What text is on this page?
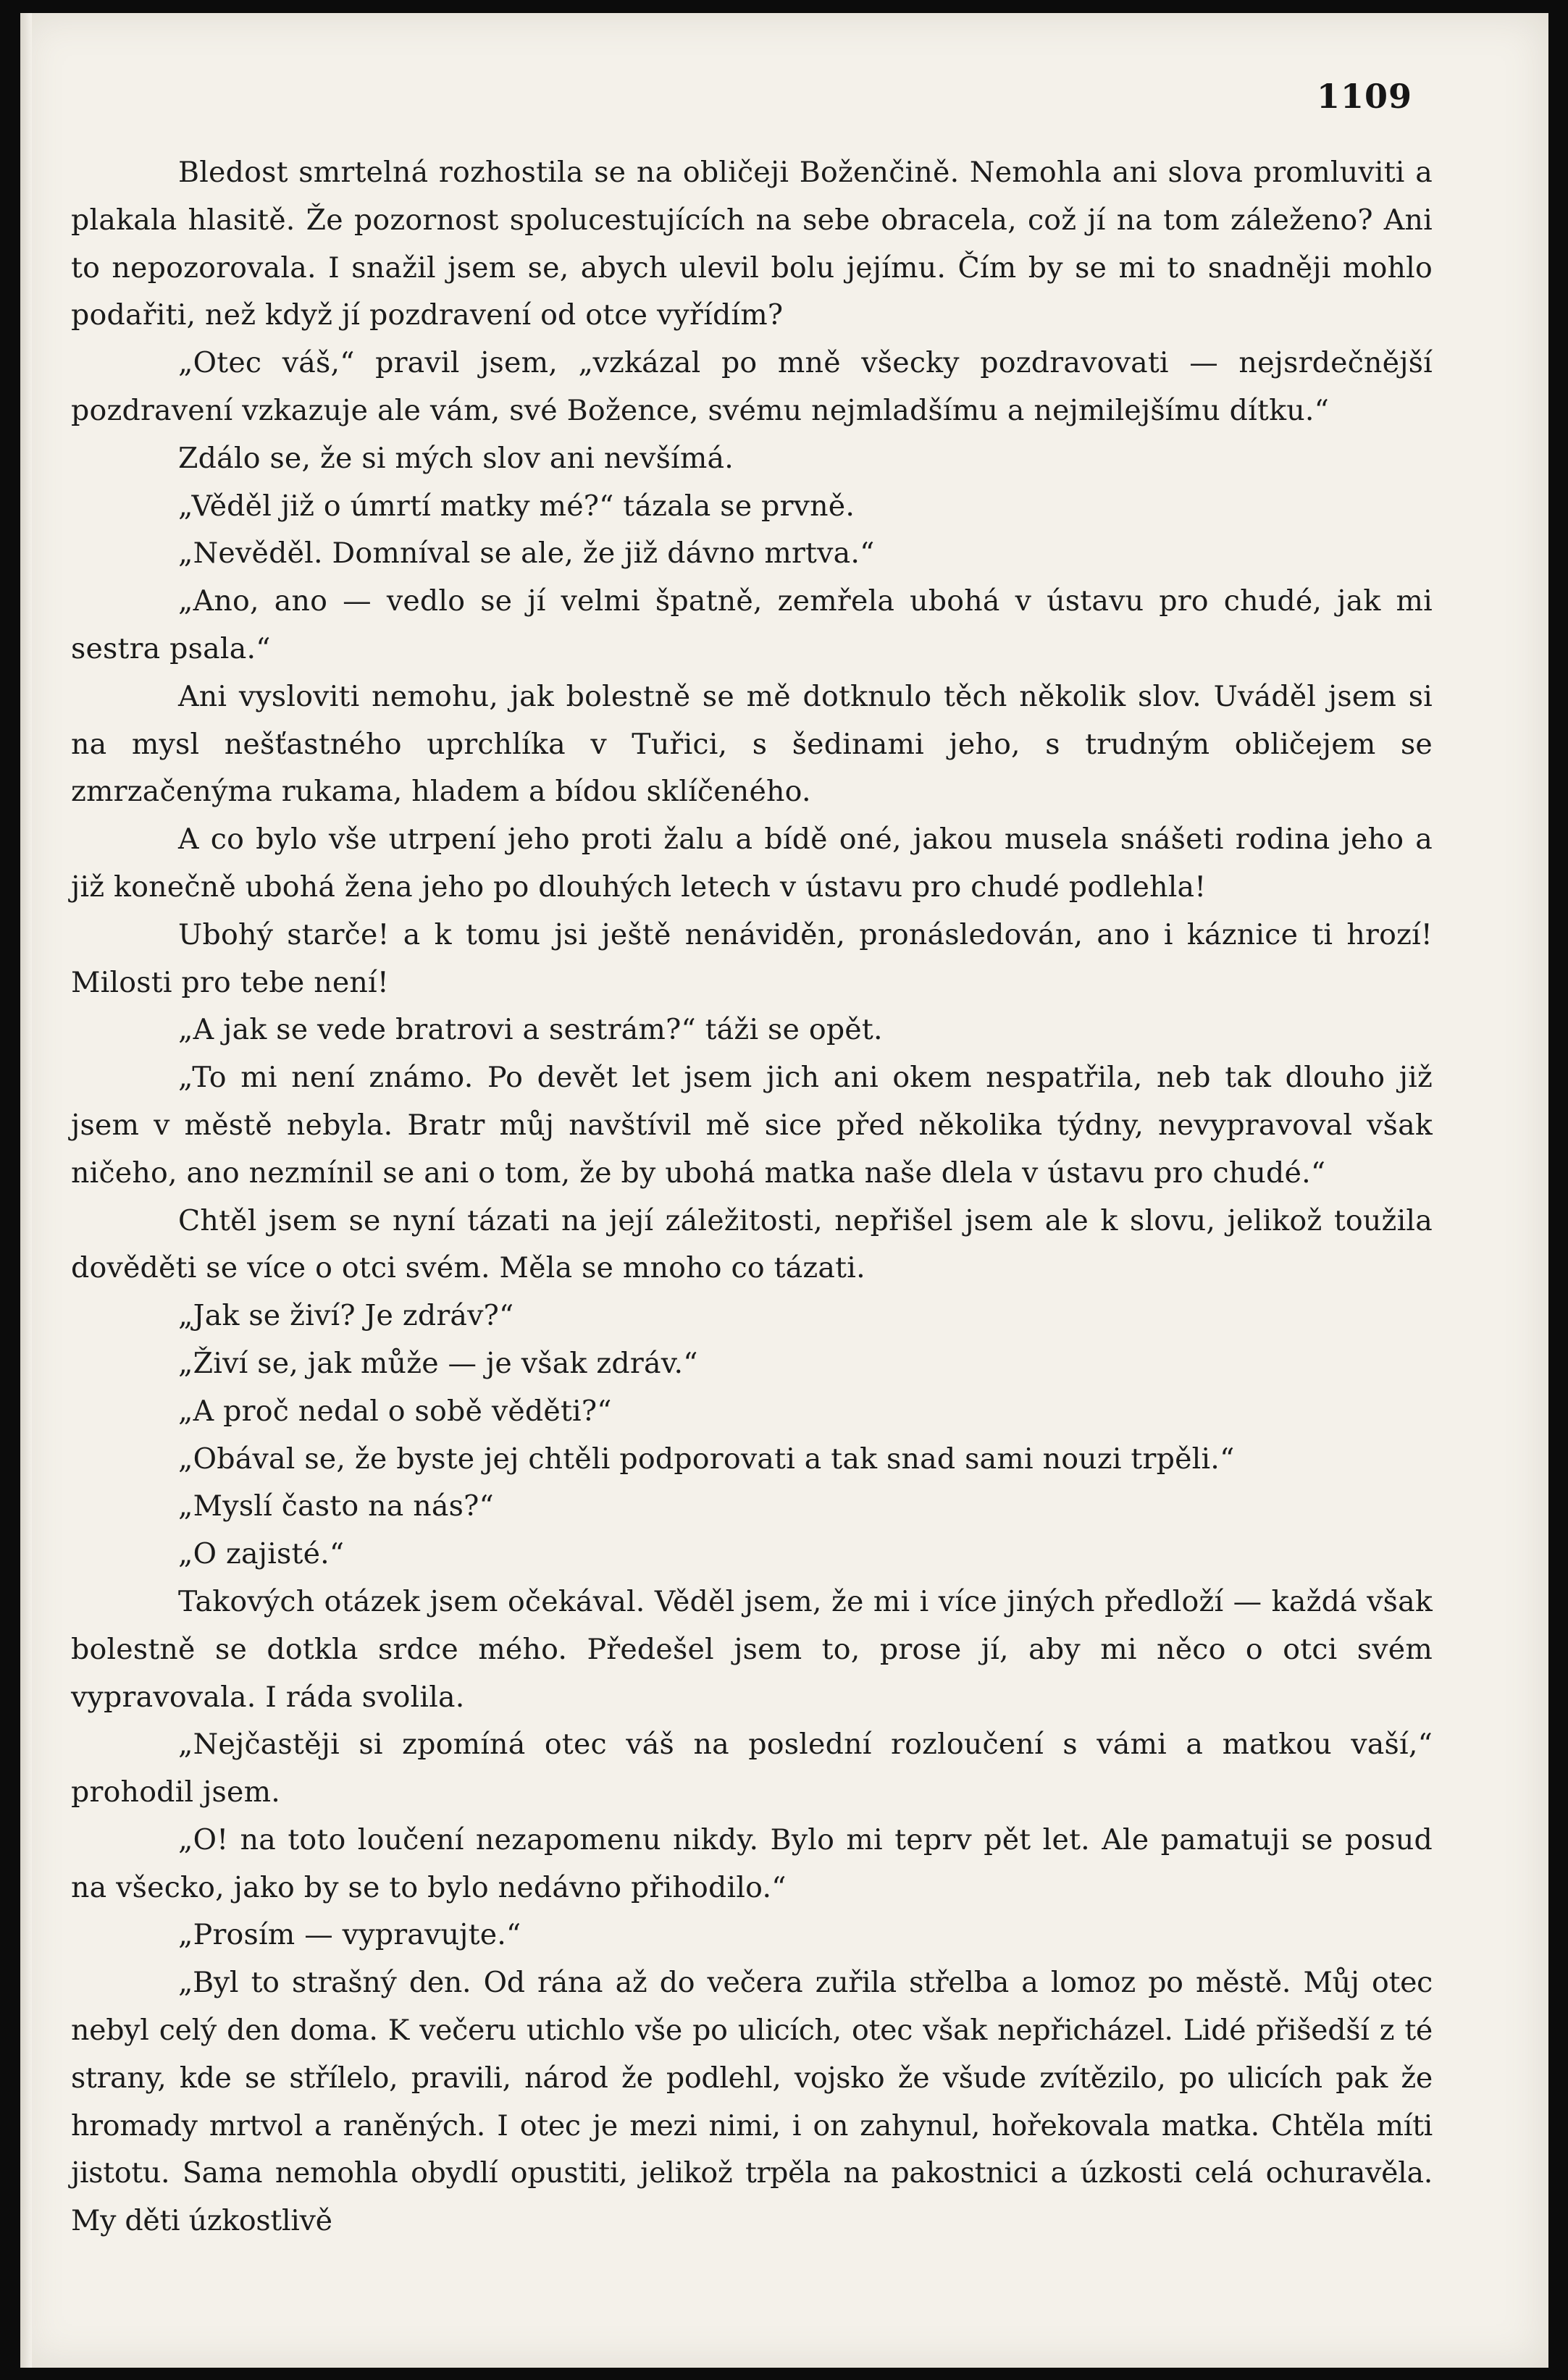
1109

Bledost smrtelná rozhostila se na obličeji Boženčině. Nemohla ani slova promluviti a plakala hlasitě. Že pozornost spolucestujících na sebe obracela, což jí na tom záleženo? Ani to nepozorovala. I snažil jsem se, abych ulevil bolu jejímu. Čím by se mi to snadněji mohlo podařiti, než když jí pozdravení od otce vyřídím?

„Otec váš,“ pravil jsem, „vzkázal po mně všecky pozdravovati — nejsrdečnější pozdravení vzkazuje ale vám, své Božence, svému nejmladšímu a nejmilejšímu dítku.“

Zdálo se, že si mých slov ani nevšímá.

„Věděl již o úmrtí matky mé?“ tázala se prvně.

„Nevěděl. Domníval se ale, že již dávno mrtva.“

„Ano, ano — vedlo se jí velmi špatně, zemřela ubohá v ústavu pro chudé, jak mi sestra psala.“

Ani vysloviti nemohu, jak bolestně se mě dotknulo těch několik slov. Uváděl jsem si na mysl nešťastného uprchlíka v Tuřici, s šedinami jeho, s trudným obličejem se zmrzačenýma rukama, hladem a bídou sklíčeného.

A co bylo vše utrpení jeho proti žalu a bídě oné, jakou musela snášeti rodina jeho a již konečně ubohá žena jeho po dlouhých letech v ústavu pro chudé podlehla!

Ubohý starče! a k tomu jsi ještě nenáviděn, pronásledován, ano i káznice ti hrozí! Milosti pro tebe není!

„A jak se vede bratrovi a sestrám?“ táži se opět.

„To mi není známo. Po devět let jsem jich ani okem nespatřila, neb tak dlouho již jsem v městě nebyla. Bratr můj navštívil mě sice před několika týdny, nevypravoval však ničeho, ano nezmínil se ani o tom, že by ubohá matka naše dlela v ústavu pro chudé.“

Chtěl jsem se nyní tázati na její záležitosti, nepřišel jsem ale k slovu, jelikož toužila dověděti se více o otci svém. Měla se mnoho co tázati.

„Jak se živí? Je zdráv?“

„Živí se, jak může — je však zdráv.“

„A proč nedal o sobě věděti?“

„Obával se, že byste jej chtěli podporovati a tak snad sami nouzi trpěli.“

„Myslí často na nás?“

„O zajisté.“

Takových otázek jsem očekával. Věděl jsem, že mi i více jiných předloží — každá však bolestně se dotkla srdce mého. Předešel jsem to, prose jí, aby mi něco o otci svém vypravovala. I ráda svolila.

„Nejčastěji si zpomíná otec váš na poslední rozloučení s vámi a matkou vaší,“ prohodil jsem.

„O! na toto loučení nezapomenu nikdy. Bylo mi teprv pět let. Ale pamatuji se posud na všecko, jako by se to bylo nedávno přihodilo.“

„Prosím — vypravujte.“

„Byl to strašný den. Od rána až do večera zuřila střelba a lomoz po městě. Můj otec nebyl celý den doma. K večeru utichlo vše po ulicích, otec však nepřicházel. Lidé přišedší z té strany, kde se střílelo, pravili, národ že podlehl, vojsko že všude zvítězilo, po ulicích pak že hromady mrtvol a raněných. I otec je mezi nimi, i on zahynul, hořekovala matka. Chtěla míti jistotu. Sama nemohla obydlí opustiti, jelikož trpěla na pakostnici a úzkosti celá ochuravěla. My děti úzkostlivě
